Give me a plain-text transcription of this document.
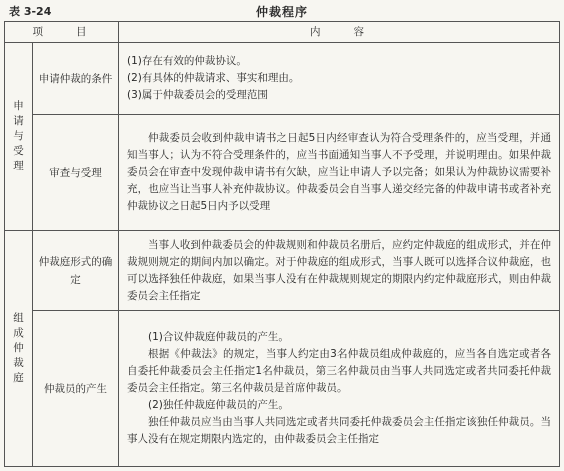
表 3-24	仲裁程序
项　　目		内　　容
申请与受理	申请仲裁的条件	(1)存在有效的仲裁协议。

(2)有具体的仲裁请求、事实和理由。

(3)属于仲裁委员会的受理范围

	审查与受理	仲裁委员会收到仲裁申请书之日起5日内经审查认为符合受理条件的，应当受理，并通知当事人；认为不符合受理条件的，应当书面通知当事人不予受理，并说明理由。如果仲裁委员会在审查中发现仲裁申请书有欠缺，应当让申请人予以完备；如果认为仲裁协议需要补充，也应当让当事人补充仲裁协议。仲裁委员会自当事人递交经完备的仲裁申请书或者补充仲裁协议之日起5日内予以受理

组成仲裁庭	仲裁庭形式的确定	当事人收到仲裁委员会的仲裁规则和仲裁员名册后，应约定仲裁庭的组成形式，并在仲裁规则规定的期间内加以确定。对于仲裁庭的组成形式，当事人既可以选择合议仲裁庭，也可以选择独任仲裁庭，如果当事人没有在仲裁规则规定的期限内约定仲裁庭形式，则由仲裁委员会主任指定

	仲裁员的产生	(1)合议仲裁庭仲裁员的产生。

根据《仲裁法》的规定，当事人约定由3名仲裁员组成仲裁庭的，应当各自选定或者各自委托仲裁委员会主任指定1名仲裁员，第三名仲裁员由当事人共同选定或者共同委托仲裁委员会主任指定。第三名仲裁员是首席仲裁员。

(2)独任仲裁庭仲裁员的产生。

独任仲裁员应当由当事人共同选定或者共同委托仲裁委员会主任指定该独任仲裁员。当事人没有在规定期限内选定的，由仲裁委员会主任指定
